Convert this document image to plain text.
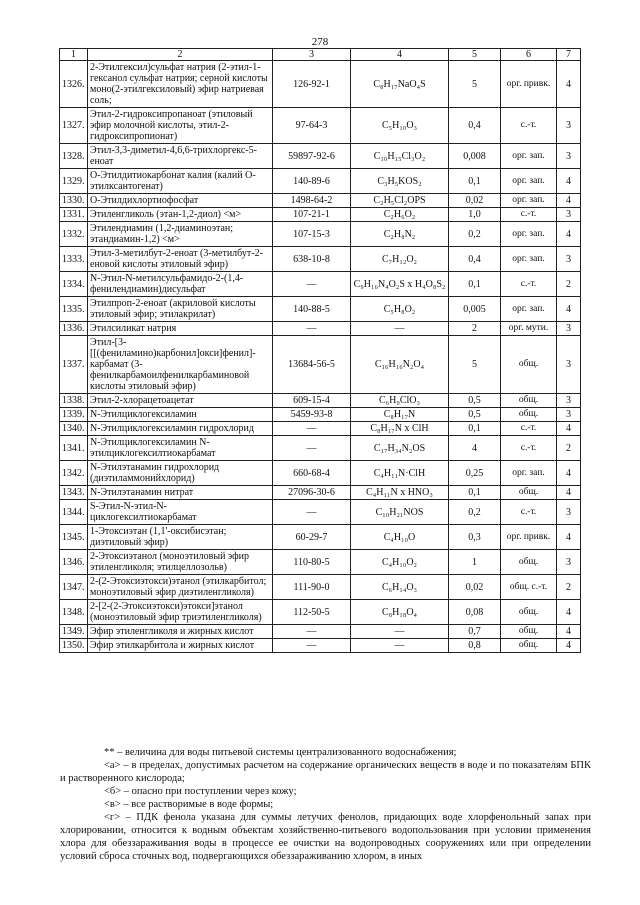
278
1	2	3	4	5	6	7
1326.	2-Этилгексил)сульфат натрия (2-этил-1-гексанол сульфат натрия; серной кислоты моно(2-этилгексиловый) эфир натриевая соль;	126-92-1	C₈H₁₇NaO₄S	5	орг. привк.	4
1327.	Этил-2-гидроксипропаноат (этиловый эфир молочной кислоты, этил-2- гидроксипропионат)	97-64-3	C₅H₁₀O₃	0,4	с.-т.	3
1328.	Этил-3,3-диметил-4,6,6-трихлоргекс-5-еноат	59897-92-6	C₁₀H₁₅Cl₃O₂	0,008	орг. зап.	3
1329.	О-Этилдитиокарбонат калия (калий О-этилксантогенат)	140-89-6	C₃H₅KOS₂	0,1	орг. зап.	4
1330.	О-Этилдихлортиофосфат	1498-64-2	C₂H₅Cl₂OPS	0,02	орг. зап.	4
1331.	Этиленгликоль (этан-1,2-диол) <м>	107-21-1	C₂H₆O₂	1,0	с.-т.	3
1332.	Этилендиамин (1,2-диаминоэтан; этандиамин-1,2) <м>	107-15-3	C₂H₈N₂	0,2	орг. зап.	4
1333.	Этил-3-метилбут-2-еноат (3-метилбут-2-еновой кислоты этиловый эфир)	638-10-8	C₇H₁₂O₂	0,4	орг. зап.	3
1334.	N-Этил-N-метилсульфамидо-2-(1,4-фенилендиамин)дисульфат	—	C₉H₁₆N₄O₂S x H₄O₈S₂	0,1	с.-т.	2
1335.	Этилпроп-2-еноат (акриловой кислоты этиловый эфир; этилакрилат)	140-88-5	C₅H₈O₂	0,005	орг. зап.	4
1336.	Этилсиликат натрия	—	—	2	орг. мути.	3
1337.	Этил-[3-[[(фениламино)карбонил]окси]фенил]-карбамат (3-фенилкарбамоилфенилкарбаминовой кислоты этиловый эфир)	13684-56-5	C₁₆H₁₆N₂O₄	5	общ.	3
1338.	Этил-2-хлорацетоацетат	609-15-4	C₆H₉ClO₃	0,5	общ.	3
1339.	N-Этилциклогексиламин	5459-93-8	C₈H₁₇N	0,5	общ.	3
1340.	N-Этилциклогексиламин гидрохлорид	—	C₈H₁₇N x ClH	0,1	с.-т.	4
1341.	N-Этилциклогексиламин N-этилциклогексилтиокарбамат	—	C₁₇H₃₄N₂OS	4	с.-т.	2
1342.	N-Этилэтанамин гидрохлорид (диэтиламмонийхлорид)	660-68-4	C₄H₁₁N·ClH	0,25	орг. зап.	4
1343.	N-Этилэтанамин нитрат	27096-30-6	C₄H₁₁N x HNO₃	0,1	общ.	4
1344.	S-Этил-N-этил-N-циклогексилтиокарбамат	—	C₁₀H₂₁NOS	0,2	с.-т.	3
1345.	1-Этоксиэтан (1,1'-оксибисэтан; диэтиловый эфир)	60-29-7	C₄H₁₀O	0,3	орг. привк.	4
1346.	2-Этоксиэтанол (моноэтиловый эфир этиленгликоля; этилцеллозольв)	110-80-5	C₄H₁₀O₂	1	общ.	3
1347.	2-(2-Этоксиэтокси)этанол (этилкарбитол; моноэтиловый эфир диэтиленгликоля)	111-90-0	C₆H₁₄O₃	0,02	общ. с.-т.	2
1348.	2-[2-(2-Этоксиэтокси)этокси]этанол (моноэтиловый эфир триэтиленгликоля)	112-50-5	C₈H₁₈O₄	0,08	общ.	4
1349.	Эфир этиленгликоля и жирных кислот	—	—	0,7	общ.	4
1350.	Эфир этилкарбитола и жирных кислот	—	—	0,8	общ.	4

** – величина для воды питьевой системы централизованного водоснабжения;

<а> – в пределах, допустимых расчетом на содержание органических веществ в воде и по показателям БПК и растворенного кислорода;

<б> – опасно при поступлении через кожу;

<в> – все растворимые в воде формы;

<г> – ПДК фенола указана для суммы летучих фенолов, придающих воде хлорфенольный запах при хлорировании, относится к водным объектам хозяйственно-питьевого водопользования при условии применения хлора для обеззараживания воды в процессе ее очистки на водопроводных сооружениях или при определении условий сброса сточных вод, подвергающихся обеззараживанию хлором, в иных
